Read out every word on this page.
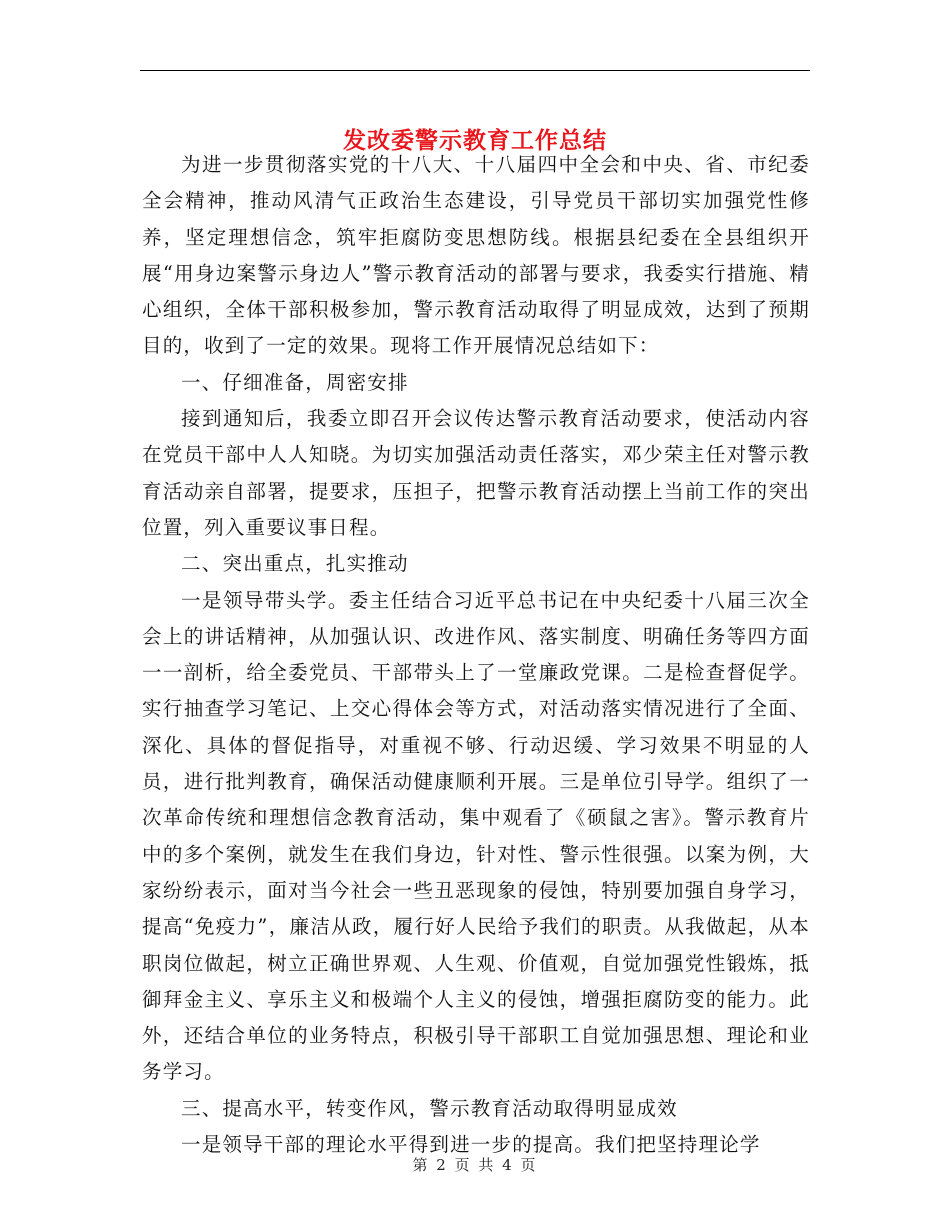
发改委警示教育工作总结

为进一步贯彻落实党的十八大、十八届四中全会和中央、省、市纪委全会精神，推动风清气正政治生态建设，引导党员干部切实加强党性修养，坚定理想信念，筑牢拒腐防变思想防线。根据县纪委在全县组织开展“用身边案警示身边人”警示教育活动的部署与要求，我委实行措施、精心组织，全体干部积极参加，警示教育活动取得了明显成效，达到了预期目的，收到了一定的效果。现将工作开展情况总结如下：

一、仔细准备，周密安排

接到通知后，我委立即召开会议传达警示教育活动要求，使活动内容在党员干部中人人知晓。为切实加强活动责任落实，邓少荣主任对警示教育活动亲自部署，提要求，压担子，把警示教育活动摆上当前工作的突出位置，列入重要议事日程。

二、突出重点，扎实推动

一是领导带头学。委主任结合习近平总书记在中央纪委十八届三次全会上的讲话精神，从加强认识、改进作风、落实制度、明确任务等四方面一一剖析，给全委党员、干部带头上了一堂廉政党课。二是检查督促学。实行抽查学习笔记、上交心得体会等方式，对活动落实情况进行了全面、深化、具体的督促指导，对重视不够、行动迟缓、学习效果不明显的人员，进行批判教育，确保活动健康顺利开展。三是单位引导学。组织了一次革命传统和理想信念教育活动，集中观看了《硕鼠之害》。警示教育片中的多个案例，就发生在我们身边，针对性、警示性很强。以案为例，大家纷纷表示，面对当今社会一些丑恶现象的侵蚀，特别要加强自身学习，提高“免疫力”，廉洁从政，履行好人民给予我们的职责。从我做起，从本职岗位做起，树立正确世界观、人生观、价值观，自觉加强党性锻炼，抵御拜金主义、享乐主义和极端个人主义的侵蚀，增强拒腐防变的能力。此外，还结合单位的业务特点，积极引导干部职工自觉加强思想、理论和业务学习。

三、提高水平，转变作风，警示教育活动取得明显成效

一是领导干部的理论水平得到进一步的提高。我们把坚持理论学

第 2 页 共 4 页
